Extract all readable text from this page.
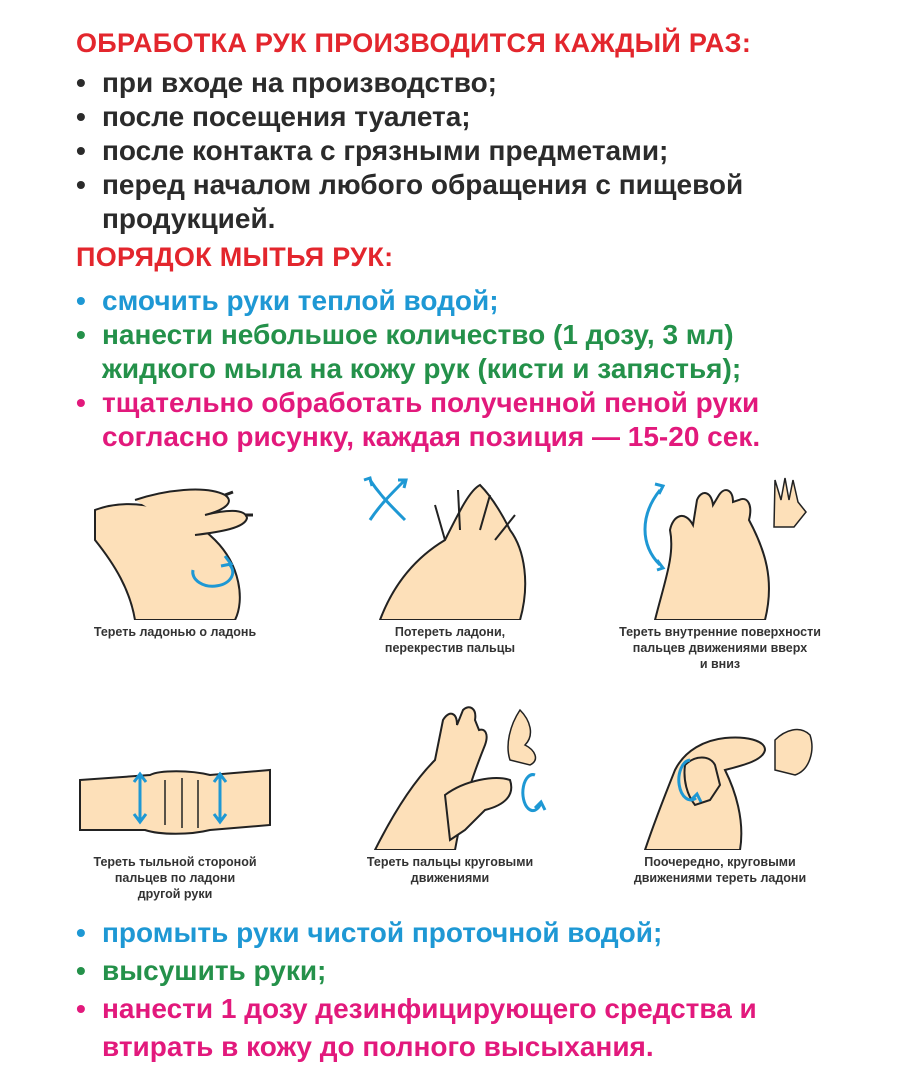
ОБРАБОТКА РУК ПРОИЗВОДИТСЯ КАЖДЫЙ РАЗ:
• при входе на производство;
• после посещения туалета;
• после контакта с грязными предметами;
• перед началом любого обращения с пищевой
продукцией.
ПОРЯДОК МЫТЬЯ РУК:
• смочить руки теплой водой;
• нанести небольшое количество (1 дозу, 3 мл)
жидкого мыла на кожу рук (кисти и запястья);
• тщательно обработать полученной пеной руки
согласно рисунку, каждая позиция — 15-20 сек.
Тереть ладонью о ладонь	Потереть ладони,
перекрестив пальцы
Тереть внутренние поверхности
пальцев движениями вверх
и вниз
Тереть тыльной стороной
пальцев по ладони
другой руки
Тереть пальцы круговыми
движениями
Поочередно, круговыми
движениями тереть ладони
• промыть руки чистой проточной водой;
• высушить руки;
• нанести 1 дозу дезинфицирующего средства и
втирать в кожу до полного высыхания.
